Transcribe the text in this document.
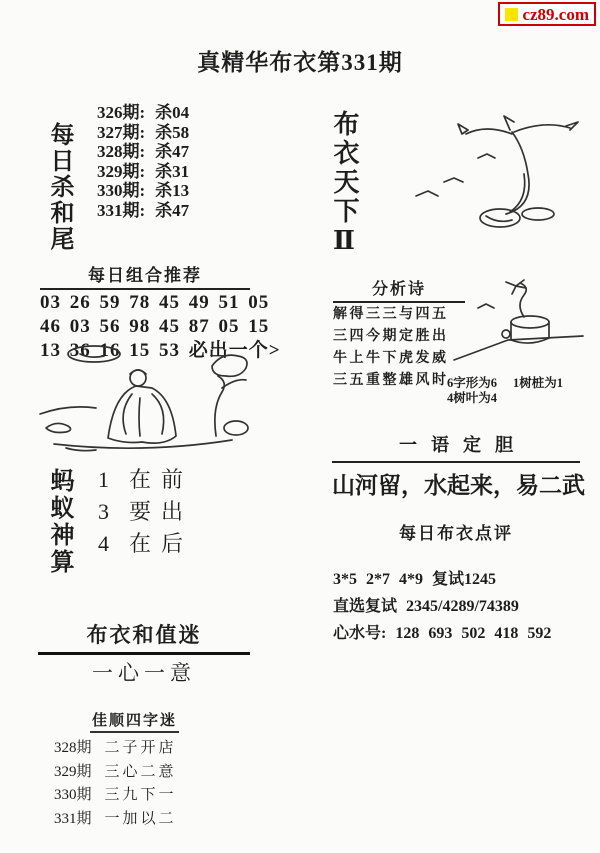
cz89.com
真精华布衣第331期
每日杀和尾
326期: 杀04
327期: 杀58
328期: 杀47
329期: 杀31
330期: 杀13
331期: 杀47
每日组合推荐
03 26 59 78 45 49 51 05
46 03 56 98 45 87 05 15
13 36 16 15 53 必出一个>
蚂蚁神算 1 在前
3 要出
4 在后
布衣和值迷
一心一意
佳顺四字迷
328期 二子开店
329期 三心二意
330期 三九下一
331期 一加以二
布衣天下Ⅱ
分析诗
解得三三与四五
三四今期定胜出
牛上牛下虎发威
三五重整雄风时
6字形为6 1树桩为1
4树叶为4
一语定胆
山河留，水起来，易二武
每日布衣点评
3*5 2*7 4*9 复试1245
直选复试 2345/4289/74389
心水号: 128 693 502 418 592
